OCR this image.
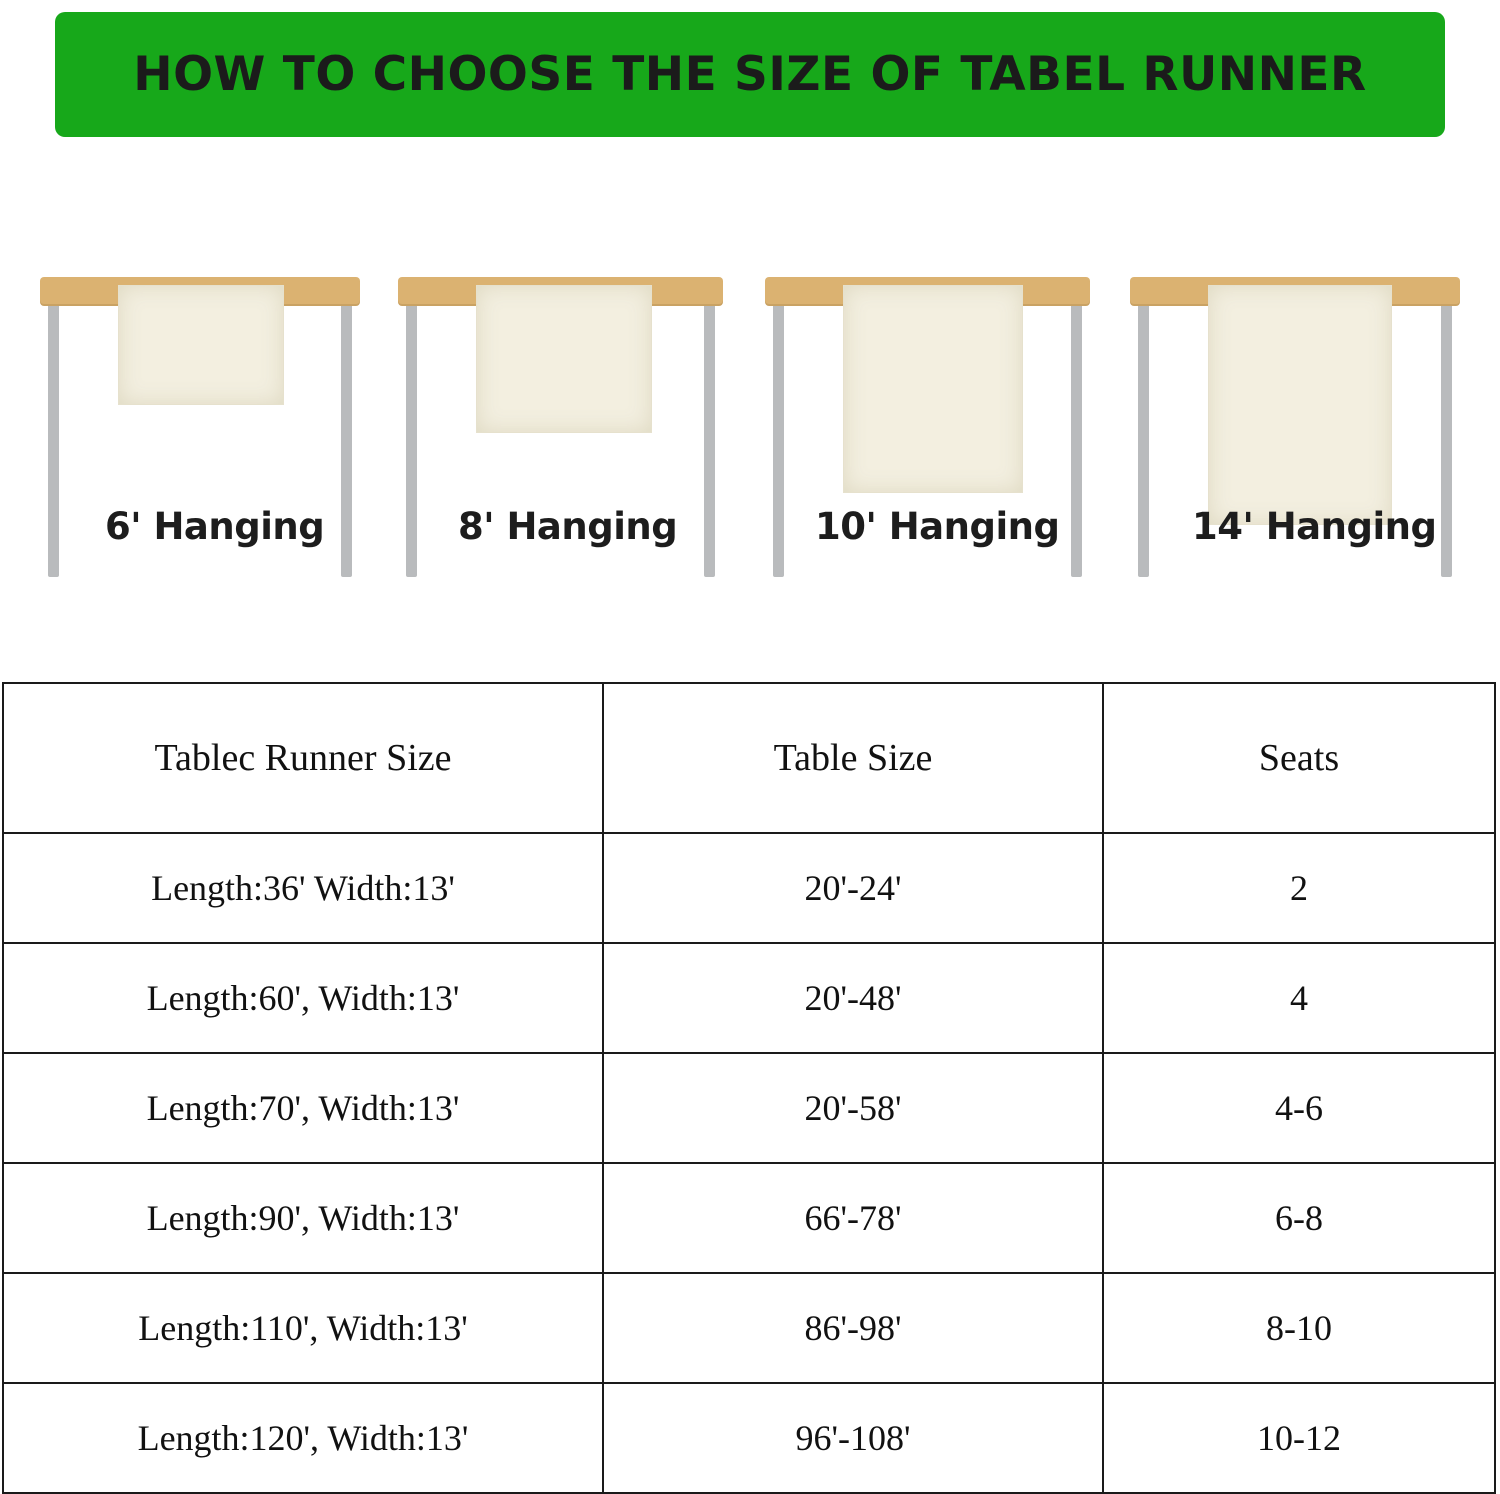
HOW TO CHOOSE THE SIZE OF TABEL RUNNER
6' Hanging	8' Hanging	10' Hanging	14' Hanging
Tablec Runner Size	Table Size	Seats
Length:36' Width:13'	20'-24'	2
Length:60', Width:13'	20'-48'	4
Length:70', Width:13'	20'-58'	4-6
Length:90', Width:13'	66'-78'	6-8
Length:110', Width:13'	86'-98'	8-10
Length:120', Width:13'	96'-108'	10-12
